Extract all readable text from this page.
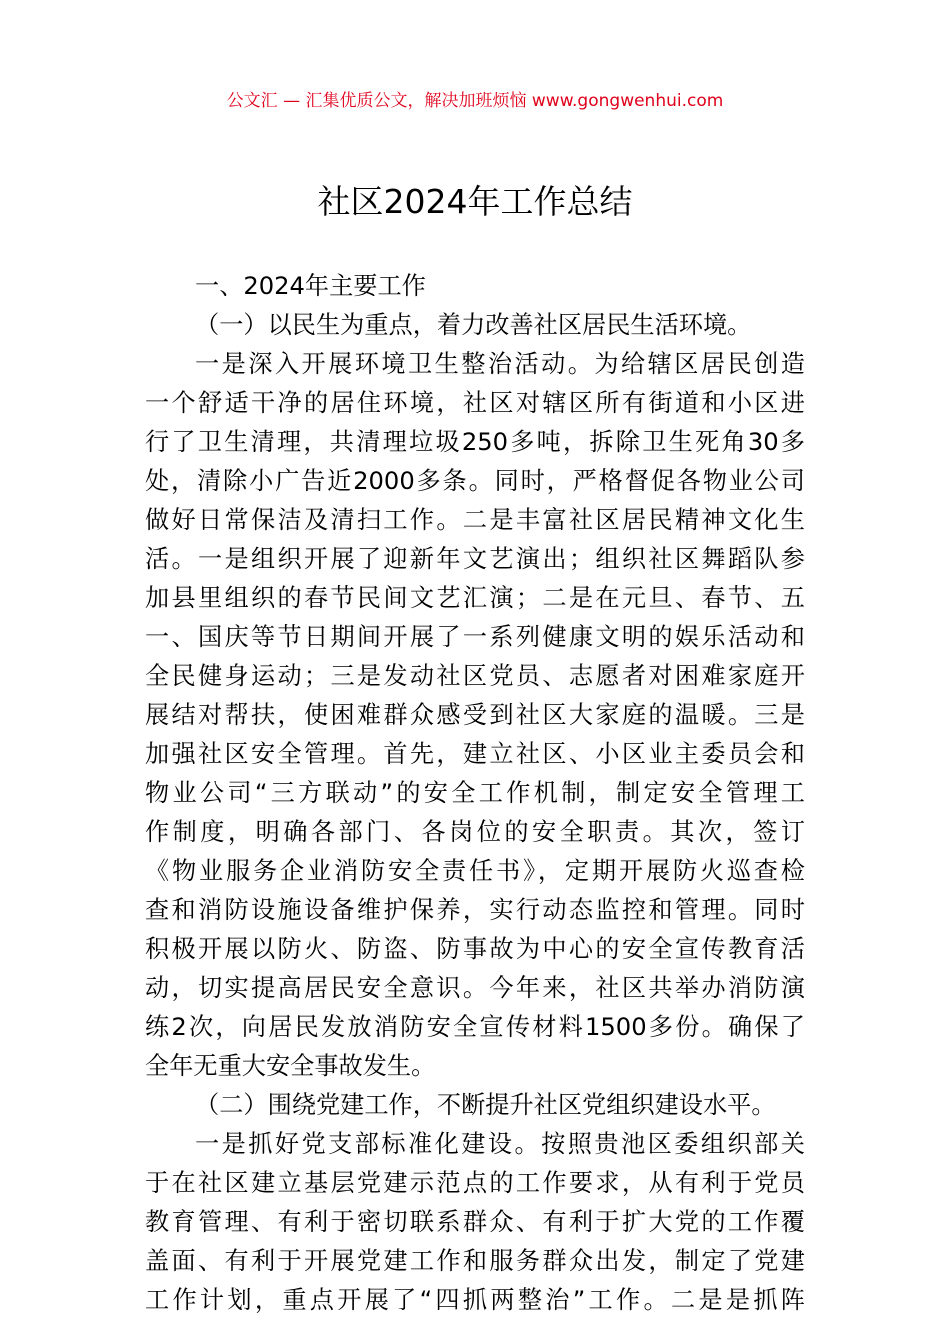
公文汇 — 汇集优质公文，解决加班烦恼 www.gongwenhui.com
社区2024年工作总结
一、2024年主要工作
（一）以民生为重点，着力改善社区居民生活环境。
一是深入开展环境卫生整治活动。为给辖区居民创造
一个舒适干净的居住环境，社区对辖区所有街道和小区进
行了卫生清理，共清理垃圾250多吨，拆除卫生死角30多
处，清除小广告近2000多条。同时，严格督促各物业公司
做好日常保洁及清扫工作。二是丰富社区居民精神文化生
活。一是组织开展了迎新年文艺演出；组织社区舞蹈队参
加县里组织的春节民间文艺汇演；二是在元旦、春节、五
一、国庆等节日期间开展了一系列健康文明的娱乐活动和
全民健身运动；三是发动社区党员、志愿者对困难家庭开
展结对帮扶，使困难群众感受到社区大家庭的温暖。三是
加强社区安全管理。首先，建立社区、小区业主委员会和
物业公司“三方联动”的安全工作机制，制定安全管理工
作制度，明确各部门、各岗位的安全职责。其次，签订
《物业服务企业消防安全责任书》，定期开展防火巡查检
查和消防设施设备维护保养，实行动态监控和管理。同时
积极开展以防火、防盗、防事故为中心的安全宣传教育活
动，切实提高居民安全意识。今年来，社区共举办消防演
练2次，向居民发放消防安全宣传材料1500多份。确保了
全年无重大安全事故发生。
（二）围绕党建工作，不断提升社区党组织建设水平。
一是抓好党支部标准化建设。按照贵池区委组织部关
于在社区建立基层党建示范点的工作要求，从有利于党员
教育管理、有利于密切联系群众、有利于扩大党的工作覆
盖面、有利于开展党建工作和服务群众出发，制定了党建
工作计划，重点开展了“四抓两整治”工作。二是是抓阵
